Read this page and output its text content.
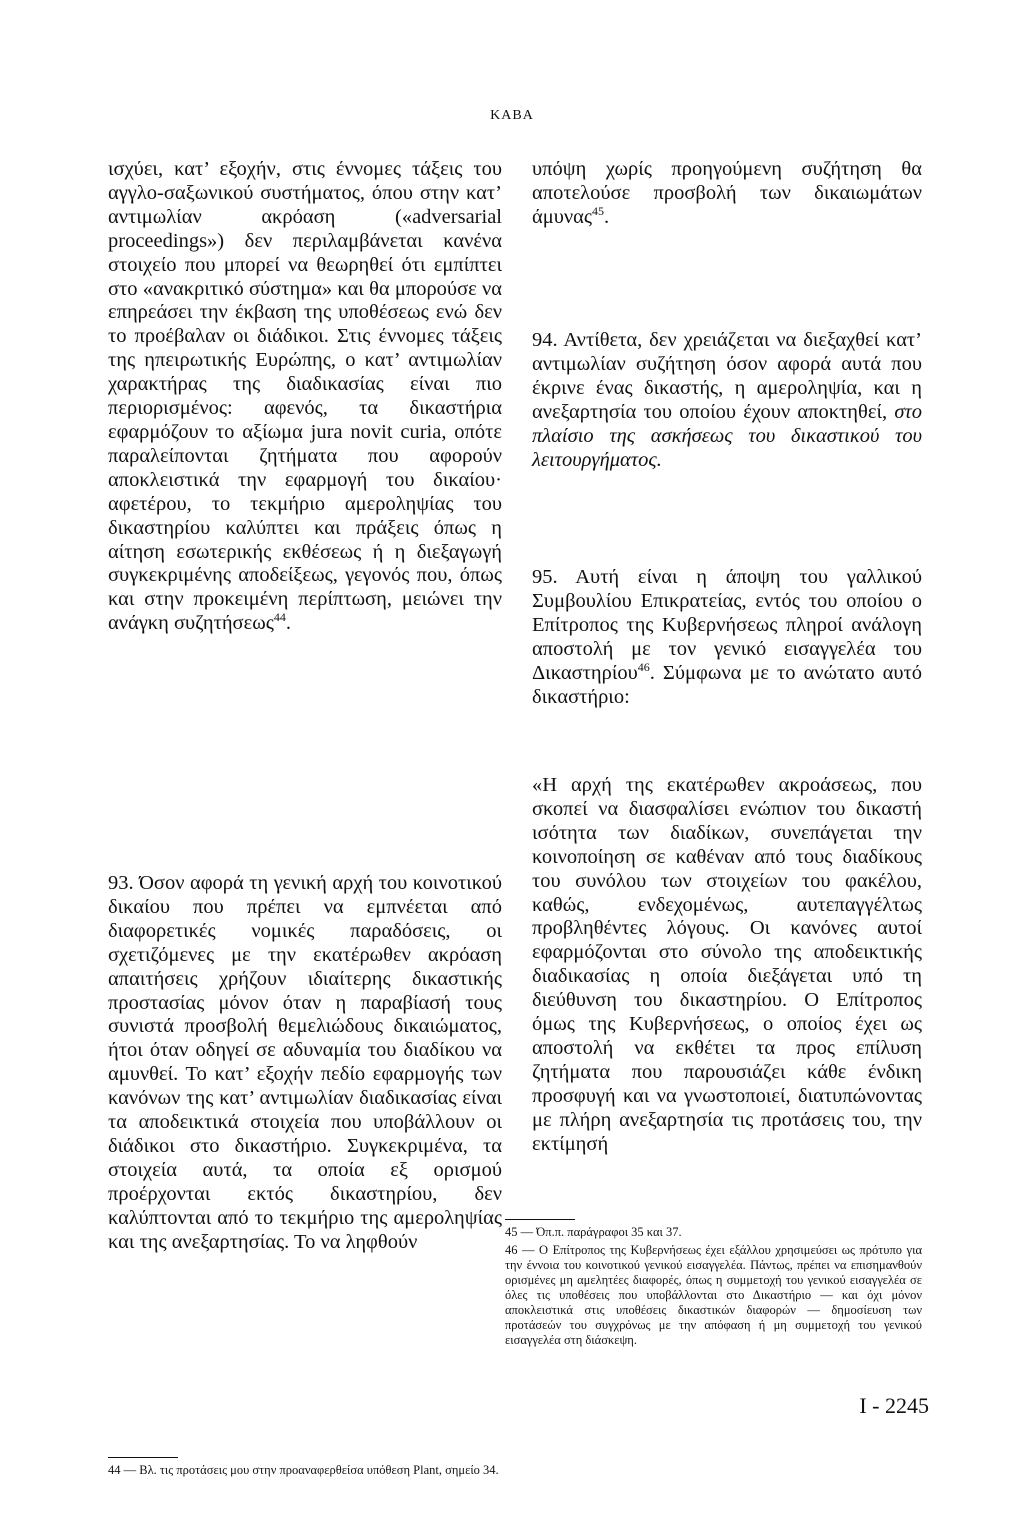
ΚΑΒΑ

ισχύει, κατ’ εξοχήν, στις έννομες τάξεις του αγγλο-σαξωνικού συστήματος, όπου στην κατ’ αντιμωλίαν ακρόαση («adversarial proceedings») δεν περιλαμβάνεται κανένα στοιχείο που μπορεί να θεωρηθεί ότι εμπίπτει στο «ανακριτικό σύστημα» και θα μπορούσε να επηρεάσει την έκβαση της υποθέσεως ενώ δεν το προέβαλαν οι διάδικοι. Στις έννομες τάξεις της ηπειρωτικής Ευρώπης, ο κατ’ αντιμωλίαν χαρακτήρας της διαδικασίας είναι πιο περιορισμένος: αφενός, τα δικαστήρια εφαρμόζουν το αξίωμα jura novit curia, οπότε παραλείπονται ζητήματα που αφορούν αποκλειστικά την εφαρμογή του δικαίου· αφετέρου, το τεκμήριο αμεροληψίας του δικαστηρίου καλύπτει και πράξεις όπως η αίτηση εσωτερικής εκθέσεως ή η διεξαγωγή συγκεκριμένης αποδείξεως, γεγονός που, όπως και στην προκειμένη περίπτωση, μειώνει την ανάγκη συζητήσεως$^{44}$.

υπόψη χωρίς προηγούμενη συζήτηση θα αποτελούσε προσβολή των δικαιωμάτων άμυνας$^{45}$.

94. Αντίθετα, δεν χρειάζεται να διεξαχθεί κατ’ αντιμωλίαν συζήτηση όσον αφορά αυτά που έκρινε ένας δικαστής, η αμεροληψία, και η ανεξαρτησία του οποίου έχουν αποκτηθεί, στο πλαίσιο της ασκήσεως του δικαστικού του λειτουργήματος.

95. Αυτή είναι η άποψη του γαλλικού Συμβουλίου Επικρατείας, εντός του οποίου ο Επίτροπος της Κυβερνήσεως πληροί ανάλογη αποστολή με τον γενικό εισαγγελέα του Δικαστηρίου$^{46}$. Σύμφωνα με το ανώτατο αυτό δικαστήριο:

93. Όσον αφορά τη γενική αρχή του κοινοτικού δικαίου που πρέπει να εμπνέεται από διαφορετικές νομικές παραδόσεις, οι σχετιζόμενες με την εκατέρωθεν ακρόαση απαιτήσεις χρήζουν ιδιαίτερης δικαστικής προστασίας μόνον όταν η παραβίασή τους συνιστά προσβολή θεμελιώδους δικαιώματος, ήτοι όταν οδηγεί σε αδυναμία του διαδίκου να αμυνθεί. Το κατ’ εξοχήν πεδίο εφαρμογής των κανόνων της κατ’ αντιμωλίαν διαδικασίας είναι τα αποδεικτικά στοιχεία που υποβάλλουν οι διάδικοι στο δικαστήριο. Συγκεκριμένα, τα στοιχεία αυτά, τα οποία εξ ορισμού προέρχονται εκτός δικαστηρίου, δεν καλύπτονται από το τεκμήριο της αμεροληψίας και της ανεξαρτησίας. Το να ληφθούν

«Η αρχή της εκατέρωθεν ακροάσεως, που σκοπεί να διασφαλίσει ενώπιον του δικαστή ισότητα των διαδίκων, συνεπάγεται την κοινοποίηση σε καθέναν από τους διαδίκους του συνόλου των στοιχείων του φακέλου, καθώς, ενδεχομένως, αυτεπαγγέλτως προβληθέντες λόγους. Οι κανόνες αυτοί εφαρμόζονται στο σύνολο της αποδεικτικής διαδικασίας η οποία διεξάγεται υπό τη διεύθυνση του δικαστηρίου. Ο Επίτροπος όμως της Κυβερνήσεως, ο οποίος έχει ως αποστολή να εκθέτει τα προς επίλυση ζητήματα που παρουσιάζει κάθε ένδικη προσφυγή και να γνωστοποιεί, διατυπώνοντας με πλήρη ανεξαρτησία τις προτάσεις του, την εκτίμησή

44 — Βλ. τις προτάσεις μου στην προαναφερθείσα υπόθεση Plant, σημείο 34.
45 — Όπ.π. παράγραφοι 35 και 37.
46 — Ο Επίτροπος της Κυβερνήσεως έχει εξάλλου χρησιμεύσει ως πρότυπο για την έννοια του κοινοτικού γενικού εισαγγελέα. Πάντως, πρέπει να επισημανθούν ορισμένες μη αμελητέες διαφορές, όπως η συμμετοχή του γενικού εισαγγελέα σε όλες τις υποθέσεις που υποβάλλονται στο Δικαστήριο — και όχι μόνον αποκλειστικά στις υποθέσεις δικαστικών διαφορών — δημοσίευση των προτάσεών του συγχρόνως με την απόφαση ή μη συμμετοχή του γενικού εισαγγελέα στη διάσκεψη.
I - 2245
